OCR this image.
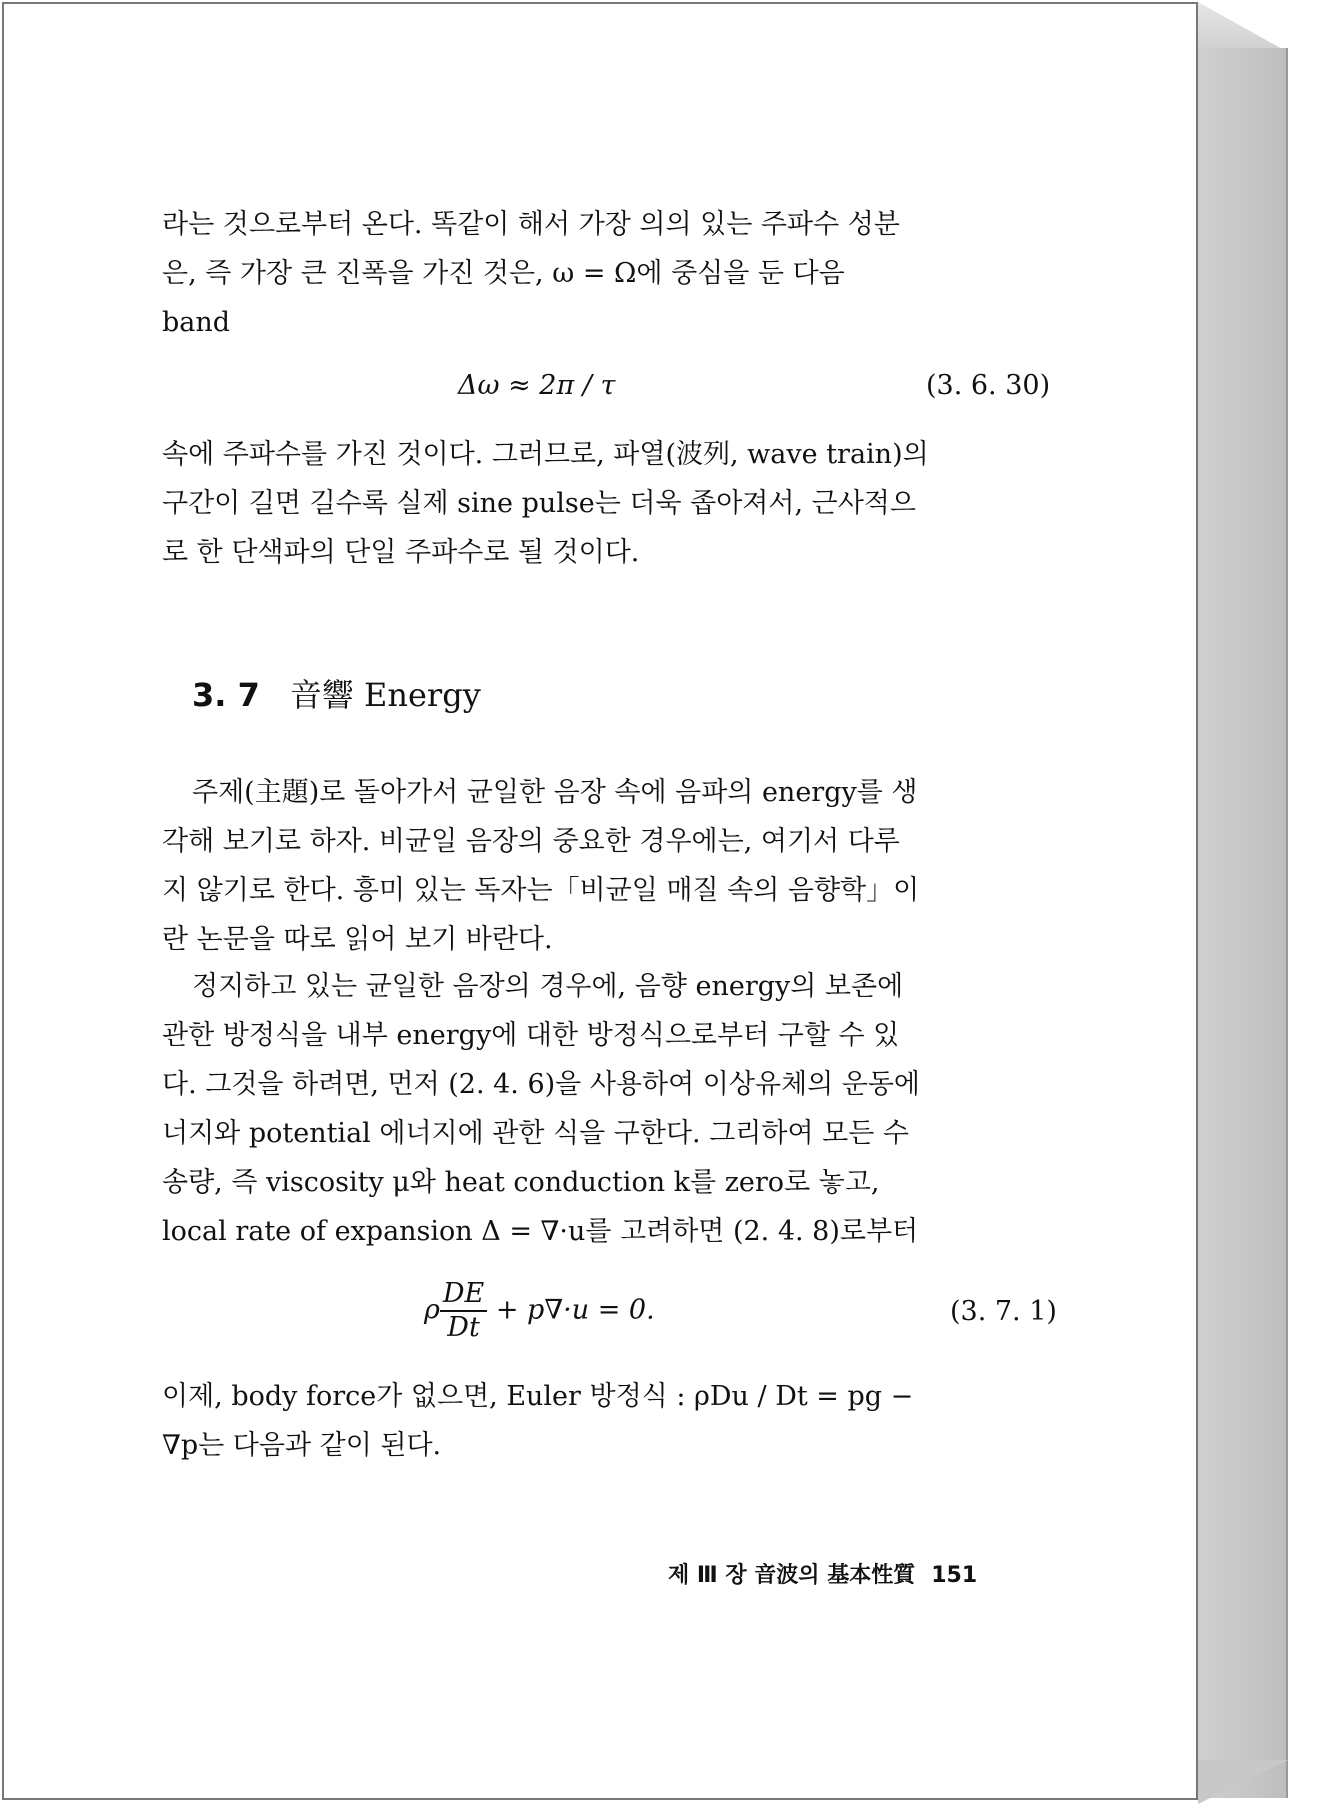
라는 것으로부터 온다. 똑같이 해서 가장 의의 있는 주파수 성분
은, 즉 가장 큰 진폭을 가진 것은, ω = Ω에 중심을 둔 다음
band
Δω ≈ 2π / τ	(3. 6. 30)
속에 주파수를 가진 것이다. 그러므로, 파열(波列, wave train)의
구간이 길면 길수록 실제 sine pulse는 더욱 좁아져서, 근사적으
로 한 단색파의 단일 주파수로 될 것이다.
3. 7 音響 Energy
주제(主題)로 돌아가서 균일한 음장 속에 음파의 energy를 생
각해 보기로 하자. 비균일 음장의 중요한 경우에는, 여기서 다루
지 않기로 한다. 흥미 있는 독자는「비균일 매질 속의 음향학」이
란 논문을 따로 읽어 보기 바란다.
정지하고 있는 균일한 음장의 경우에, 음향 energy의 보존에
관한 방정식을 내부 energy에 대한 방정식으로부터 구할 수 있
다. 그것을 하려면, 먼저 (2. 4. 6)을 사용하여 이상유체의 운동에
너지와 potential 에너지에 관한 식을 구한다. 그리하여 모든 수
송량, 즉 viscosity μ와 heat conduction k를 zero로 놓고,
local rate of expansion Δ = ∇·u를 고려하면 (2. 4. 8)로부터
ρ $\frac{DE}{Dt} + p\nabla\cdot u = 0$.	(3. 7. 1)
이제, body force가 없으면, Euler 방정식 : ρDu / Dt = pg −
∇p는 다음과 같이 된다.
제 Ⅲ 장 音波의 基本性質 151
